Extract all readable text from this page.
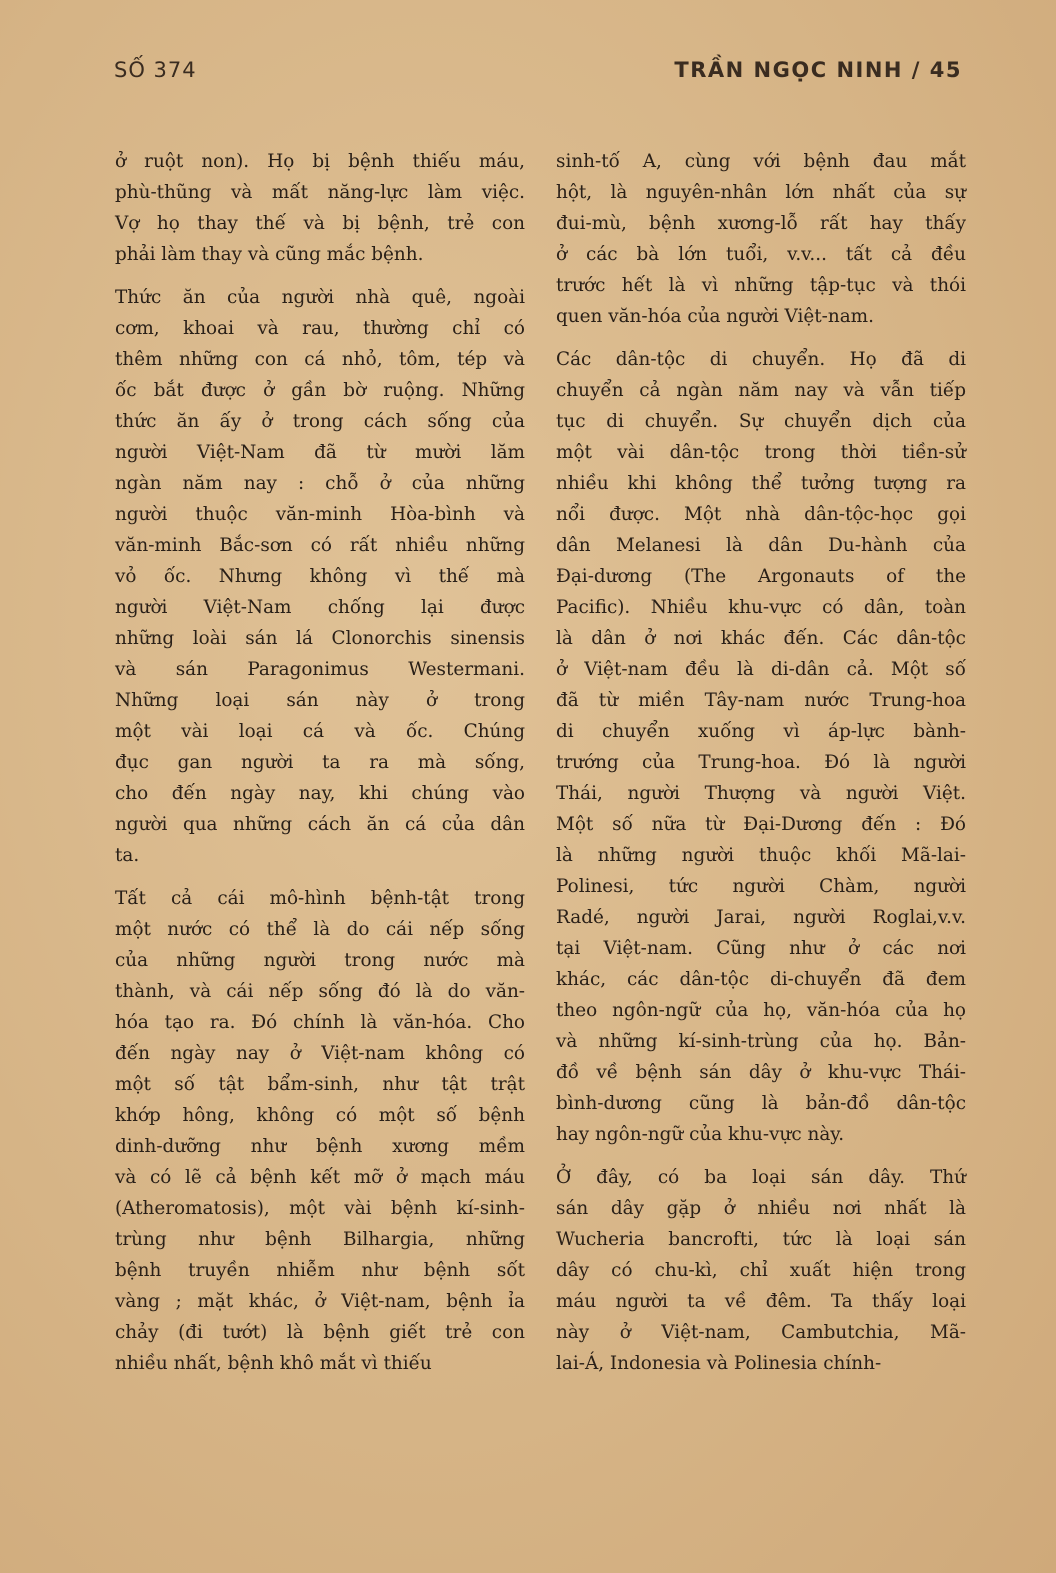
SỐ 374	TRẦN NGỌC NINH / 45
ở ruột non). Họ bị bệnh thiếu máu,
phù-thũng và mất năng-lực làm việc.
Vợ họ thay thế và bị bệnh, trẻ con
phải làm thay và cũng mắc bệnh.
Thức ăn của người nhà quê, ngoài
cơm, khoai và rau, thường chỉ có
thêm những con cá nhỏ, tôm, tép và
ốc bắt được ở gần bờ ruộng. Những
thức ăn ấy ở trong cách sống của
người Việt-Nam đã từ mười lăm
ngàn năm nay : chỗ ở của những
người thuộc văn-minh Hòa-bình và
văn-minh Bắc-sơn có rất nhiều những
vỏ ốc. Nhưng không vì thế mà
người Việt-Nam chống lại được
những loài sán lá Clonorchis sinensis
và sán Paragonimus Westermani.
Những loại sán này ở trong
một vài loại cá và ốc. Chúng
đục gan người ta ra mà sống,
cho đến ngày nay, khi chúng vào
người qua những cách ăn cá của dân
ta.
Tất cả cái mô-hình bệnh-tật trong
một nước có thể là do cái nếp sống
của những người trong nước mà
thành, và cái nếp sống đó là do văn-
hóa tạo ra. Đó chính là văn-hóa. Cho
đến ngày nay ở Việt-nam không có
một số tật bẩm-sinh, như tật trật
khớp hông, không có một số bệnh
dinh-dưỡng như bệnh xương mềm
và có lẽ cả bệnh kết mỡ ở mạch máu
(Atheromatosis), một vài bệnh kí-sinh-
trùng như bệnh Bilhargia, những
bệnh truyền nhiễm như bệnh sốt
vàng ; mặt khác, ở Việt-nam, bệnh ỉa
chảy (đi tướt) là bệnh giết trẻ con
nhiều nhất, bệnh khô mắt vì thiếu
sinh-tố A, cùng với bệnh đau mắt
hột, là nguyên-nhân lớn nhất của sự
đui-mù, bệnh xương-lỗ rất hay thấy
ở các bà lớn tuổi, v.v... tất cả đều
trước hết là vì những tập-tục và thói
quen văn-hóa của người Việt-nam.
Các dân-tộc di chuyển. Họ đã di
chuyển cả ngàn năm nay và vẫn tiếp
tục di chuyển. Sự chuyển dịch của
một vài dân-tộc trong thời tiền-sử
nhiều khi không thể tưởng tượng ra
nổi được. Một nhà dân-tộc-học gọi
dân Melanesi là dân Du-hành của
Đại-dương (The Argonauts of the
Pacific). Nhiều khu-vực có dân, toàn
là dân ở nơi khác đến. Các dân-tộc
ở Việt-nam đều là di-dân cả. Một số
đã từ miền Tây-nam nước Trung-hoa
di chuyển xuống vì áp-lực bành-
trướng của Trung-hoa. Đó là người
Thái, người Thượng và người Việt.
Một số nữa từ Đại-Dương đến : Đó
là những người thuộc khối Mã-lai-
Polinesi, tức người Chàm, người
Radé, người Jarai, người Roglai,v.v.
tại Việt-nam. Cũng như ở các nơi
khác, các dân-tộc di-chuyển đã đem
theo ngôn-ngữ của họ, văn-hóa của họ
và những kí-sinh-trùng của họ. Bản-
đồ về bệnh sán dây ở khu-vực Thái-
bình-dương cũng là bản-đồ dân-tộc
hay ngôn-ngữ của khu-vực này.
Ở đây, có ba loại sán dây. Thứ
sán dây gặp ở nhiều nơi nhất là
Wucheria bancrofti, tức là loại sán
dây có chu-kì, chỉ xuất hiện trong
máu người ta về đêm. Ta thấy loại
này ở Việt-nam, Cambutchia, Mã-
lai-Á, Indonesia và Polinesia chính-
